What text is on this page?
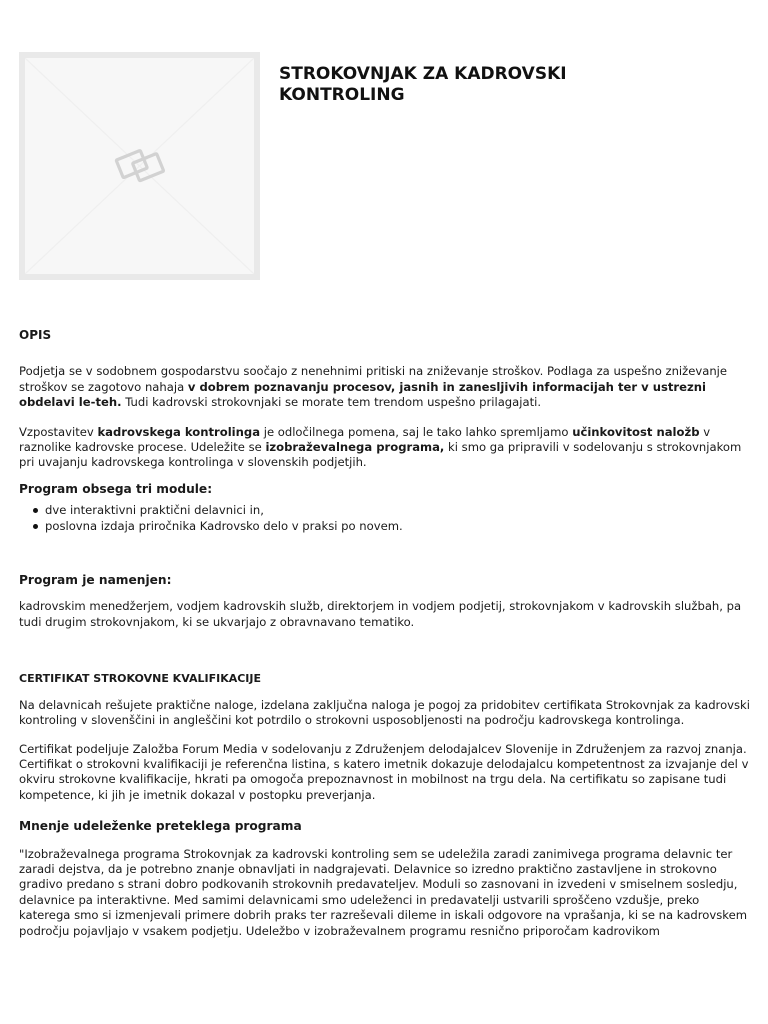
STROKOVNJAK ZA KADROVSKI
KONTROLING

OPIS

Podjetja se v sodobnem gospodarstvu soočajo z nenehnimi pritiski na zniževanje stroškov. Podlaga za uspešno zniževanje stroškov se zagotovo nahaja v dobrem poznavanju procesov, jasnih in zanesljivih informacijah ter v ustrezni obdelavi le-teh. Tudi kadrovski strokovnjaki se morate tem trendom uspešno prilagajati.

Vzpostavitev kadrovskega kontrolinga je odločilnega pomena, saj le tako lahko spremljamo učinkovitost naložb v raznolike kadrovske procese. Udeležite se izobraževalnega programa, ki smo ga pripravili v sodelovanju s strokovnjakom pri uvajanju kadrovskega kontrolinga v slovenskih podjetjih.

Program obsega tri module:

dve interaktivni praktični delavnici in,
poslovna izdaja priročnika Kadrovsko delo v praksi po novem.

Program je namenjen:

kadrovskim menedžerjem, vodjem kadrovskih služb, direktorjem in vodjem podjetij, strokovnjakom v kadrovskih službah, pa tudi drugim strokovnjakom, ki se ukvarjajo z obravnavano tematiko.

CERTIFIKAT STROKOVNE KVALIFIKACIJE

Na delavnicah rešujete praktične naloge, izdelana zaključna naloga je pogoj za pridobitev certifikata Strokovnjak za kadrovski kontroling v slovenščini in angleščini kot potrdilo o strokovni usposobljenosti na področju kadrovskega kontrolinga.

Certifikat podeljuje Založba Forum Media v sodelovanju z Združenjem delodajalcev Slovenije in Združenjem za razvoj znanja. Certifikat o strokovni kvalifikaciji je referenčna listina, s katero imetnik dokazuje delodajalcu kompetentnost za izvajanje del v okviru strokovne kvalifikacije, hkrati pa omogoča prepoznavnost in mobilnost na trgu dela. Na certifikatu so zapisane tudi kompetence, ki jih je imetnik dokazal v postopku preverjanja.

Mnenje udeleženke preteklega programa

"Izobraževalnega programa Strokovnjak za kadrovski kontroling sem se udeležila zaradi zanimivega programa delavnic ter zaradi dejstva, da je potrebno znanje obnavljati in nadgrajevati. Delavnice so izredno praktično zastavljene in strokovno gradivo predano s strani dobro podkovanih strokovnih predavateljev. Moduli so zasnovani in izvedeni v smiselnem sosledju, delavnice pa interaktivne. Med samimi delavnicami smo udeleženci in predavatelji ustvarili sproščeno vzdušje, preko katerega smo si izmenjevali primere dobrih praks ter razreševali dileme in iskali odgovore na vprašanja, ki se na kadrovskem področju pojavljajo v vsakem podjetju. Udeležbo v izobraževalnem programu resnično priporočam kadrovikom
